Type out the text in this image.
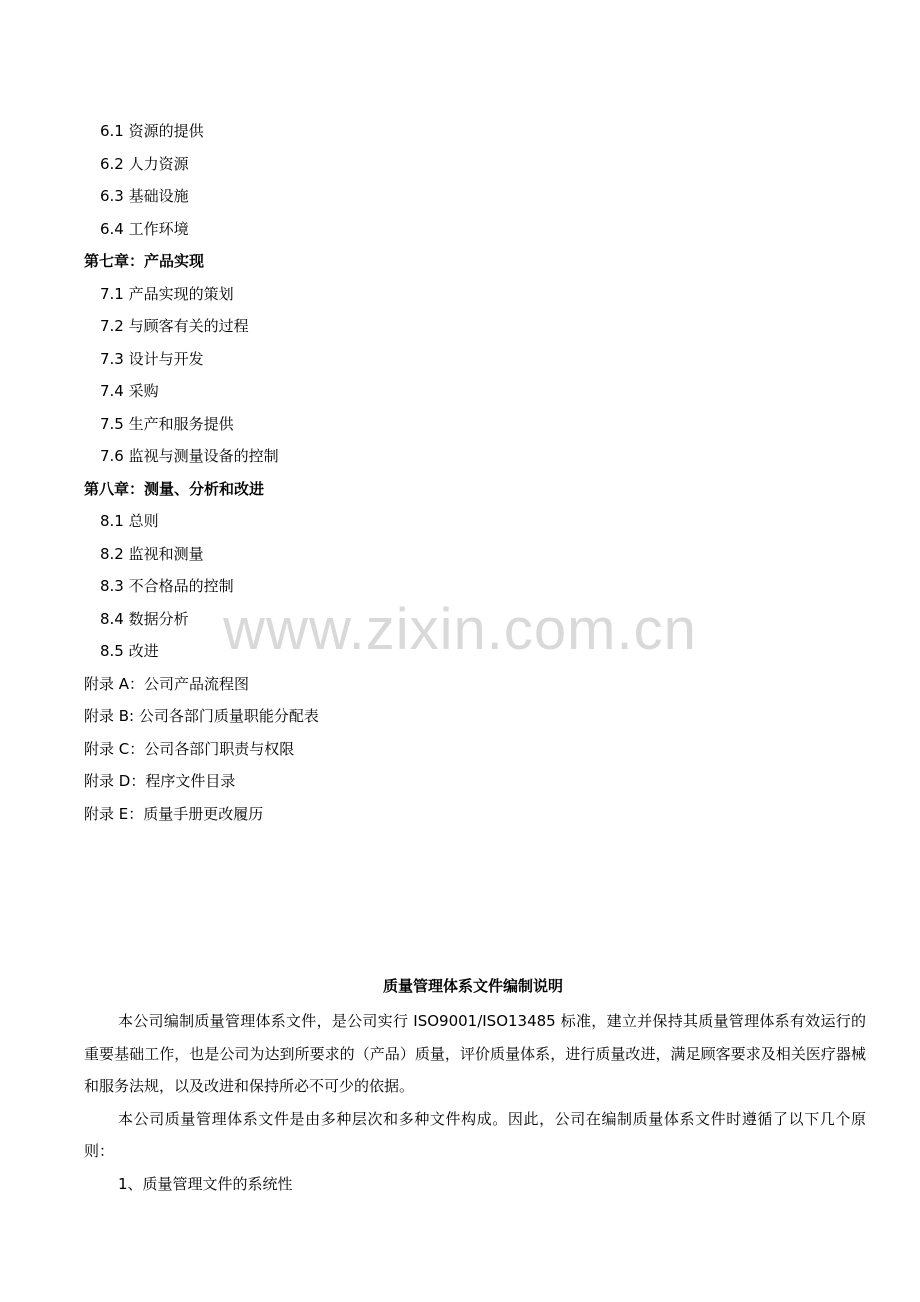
6.1 资源的提供
6.2 人力资源
6.3 基础设施
6.4 工作环境
第七章：产品实现
7.1 产品实现的策划
7.2 与顾客有关的过程
7.3 设计与开发
7.4 采购
7.5 生产和服务提供
7.6 监视与测量设备的控制
第八章：测量、分析和改进
8.1 总则
8.2 监视和测量
8.3 不合格品的控制
8.4 数据分析
8.5 改进
附录 A：公司产品流程图
附录 B: 公司各部门质量职能分配表
附录 C：公司各部门职责与权限
附录 D：程序文件目录
附录 E：质量手册更改履历
www.zixin.com.cn
质量管理体系文件编制说明

本公司编制质量管理体系文件，是公司实行 ISO9001/ISO13485 标准，建立并保持其质量管理体系有效运行的重要基础工作，也是公司为达到所要求的（产品）质量，评价质量体系，进行质量改进，满足顾客要求及相关医疗器械和服务法规，以及改进和保持所必不可少的依据。

本公司质量管理体系文件是由多种层次和多种文件构成。因此，公司在编制质量体系文件时遵循了以下几个原则：

1、质量管理文件的系统性
